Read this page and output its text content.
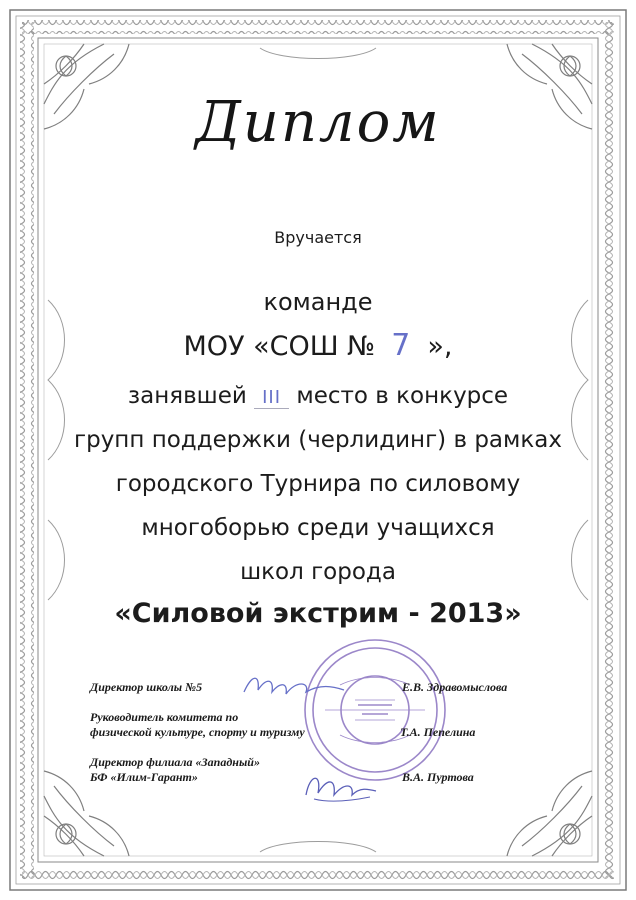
Диплом
Вручается
команде
МОУ «СОШ № 7 »,
занявшей III место в конкурсе
групп поддержки (черлидинг) в рамках
городского Турнира по силовому
многоборью среди учащихся
школ города
«Силовой экстрим - 2013»
Директор школы №5	Е.В. Здравомыслова
Руководитель комитета по
физической культуре, спорту и туризму	Т.А. Пепелина
Директор филиала «Западный»
БФ «Илим-Гарант»	В.А. Пуртова
